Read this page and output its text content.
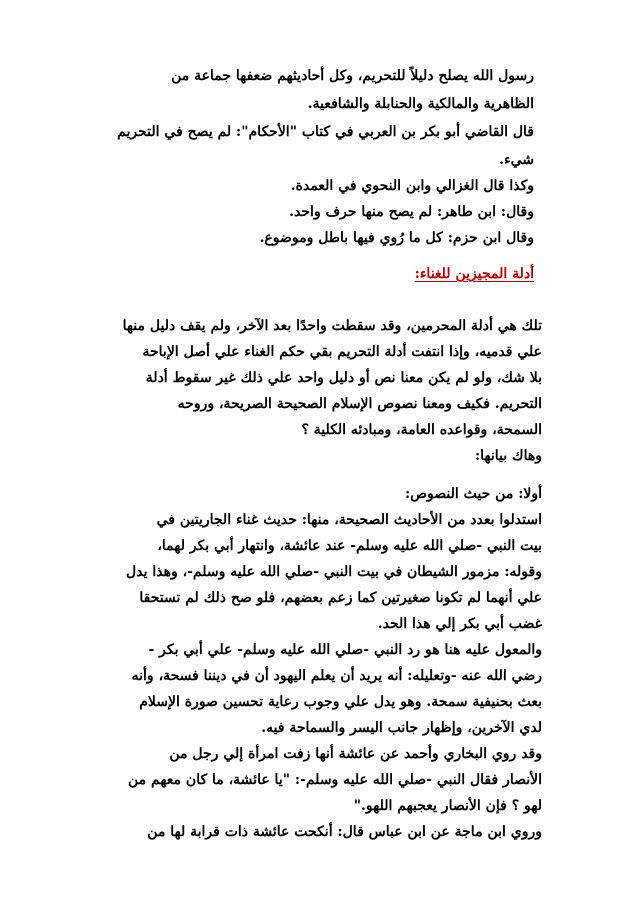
رسول الله يصلح دليلاً للتحريم، وكل أحاديثهم ضعفها جماعة من
الظاهرية والمالكية والحنابلة والشافعية.
قال القاضي أبو بكر بن العربي في كتاب "الأحكام": لم يصح في التحريم
شيء.
وكذا قال الغزالي وابن النحوي في العمدة.
وقال: ابن طاهر: لم يصح منها حرف واحد.
وقال ابن حزم: كل ما رُوي فيها باطل وموضوع.
أدلة المجيزين للغناء:
تلك هي أدلة المحرمين، وقد سقطت واحدًا بعد الآخر، ولم يقف دليل منها
علي قدميه، وإذا انتفت أدلة التحريم بقي حكم الغناء علي أصل الإباحة
بلا شك، ولو لم يكن معنا نص أو دليل واحد علي ذلك غير سقوط أدلة
التحريم. فكيف ومعنا نصوص الإسلام الصحيحة الصريحة، وروحه
السمحة، وقواعده العامة، ومبادئه الكلية ؟
وهاك بيانها:
أولا: من حيث النصوص:
استدلوا بعدد من الأحاديث الصحيحة، منها: حديث غناء الجاريتين في
بيت النبي -صلي الله عليه وسلم- عند عائشة، وانتهار أبي بكر لهما،
وقوله: مزمور الشيطان في بيت النبي -صلي الله عليه وسلم-، وهذا يدل
علي أنهما لم تكونا صغيرتين كما زعم بعضهم، فلو صح ذلك لم تستحقا
غضب أبي بكر إلي هذا الحد.
والمعول عليه هنا هو رد النبي -صلي الله عليه وسلم- علي أبي بكر -
رضي الله عنه -وتعليله: أنه يريد أن يعلم اليهود أن في ديننا فسحة، وأنه
بعث بحنيفية سمحة. وهو يدل علي وجوب رعاية تحسين صورة الإسلام
لدي الآخرين، وإظهار جانب اليسر والسماحة فيه.
وقد روي البخاري وأحمد عن عائشة أنها زفت امرأة إلي رجل من
الأنصار فقال النبي -صلي الله عليه وسلم-: "يا عائشة، ما كان معهم من
لهو ؟ فإن الأنصار يعجبهم اللهو."
وروي ابن ماجة عن ابن عباس قال: أنكحت عائشة ذات قرابة لها من
